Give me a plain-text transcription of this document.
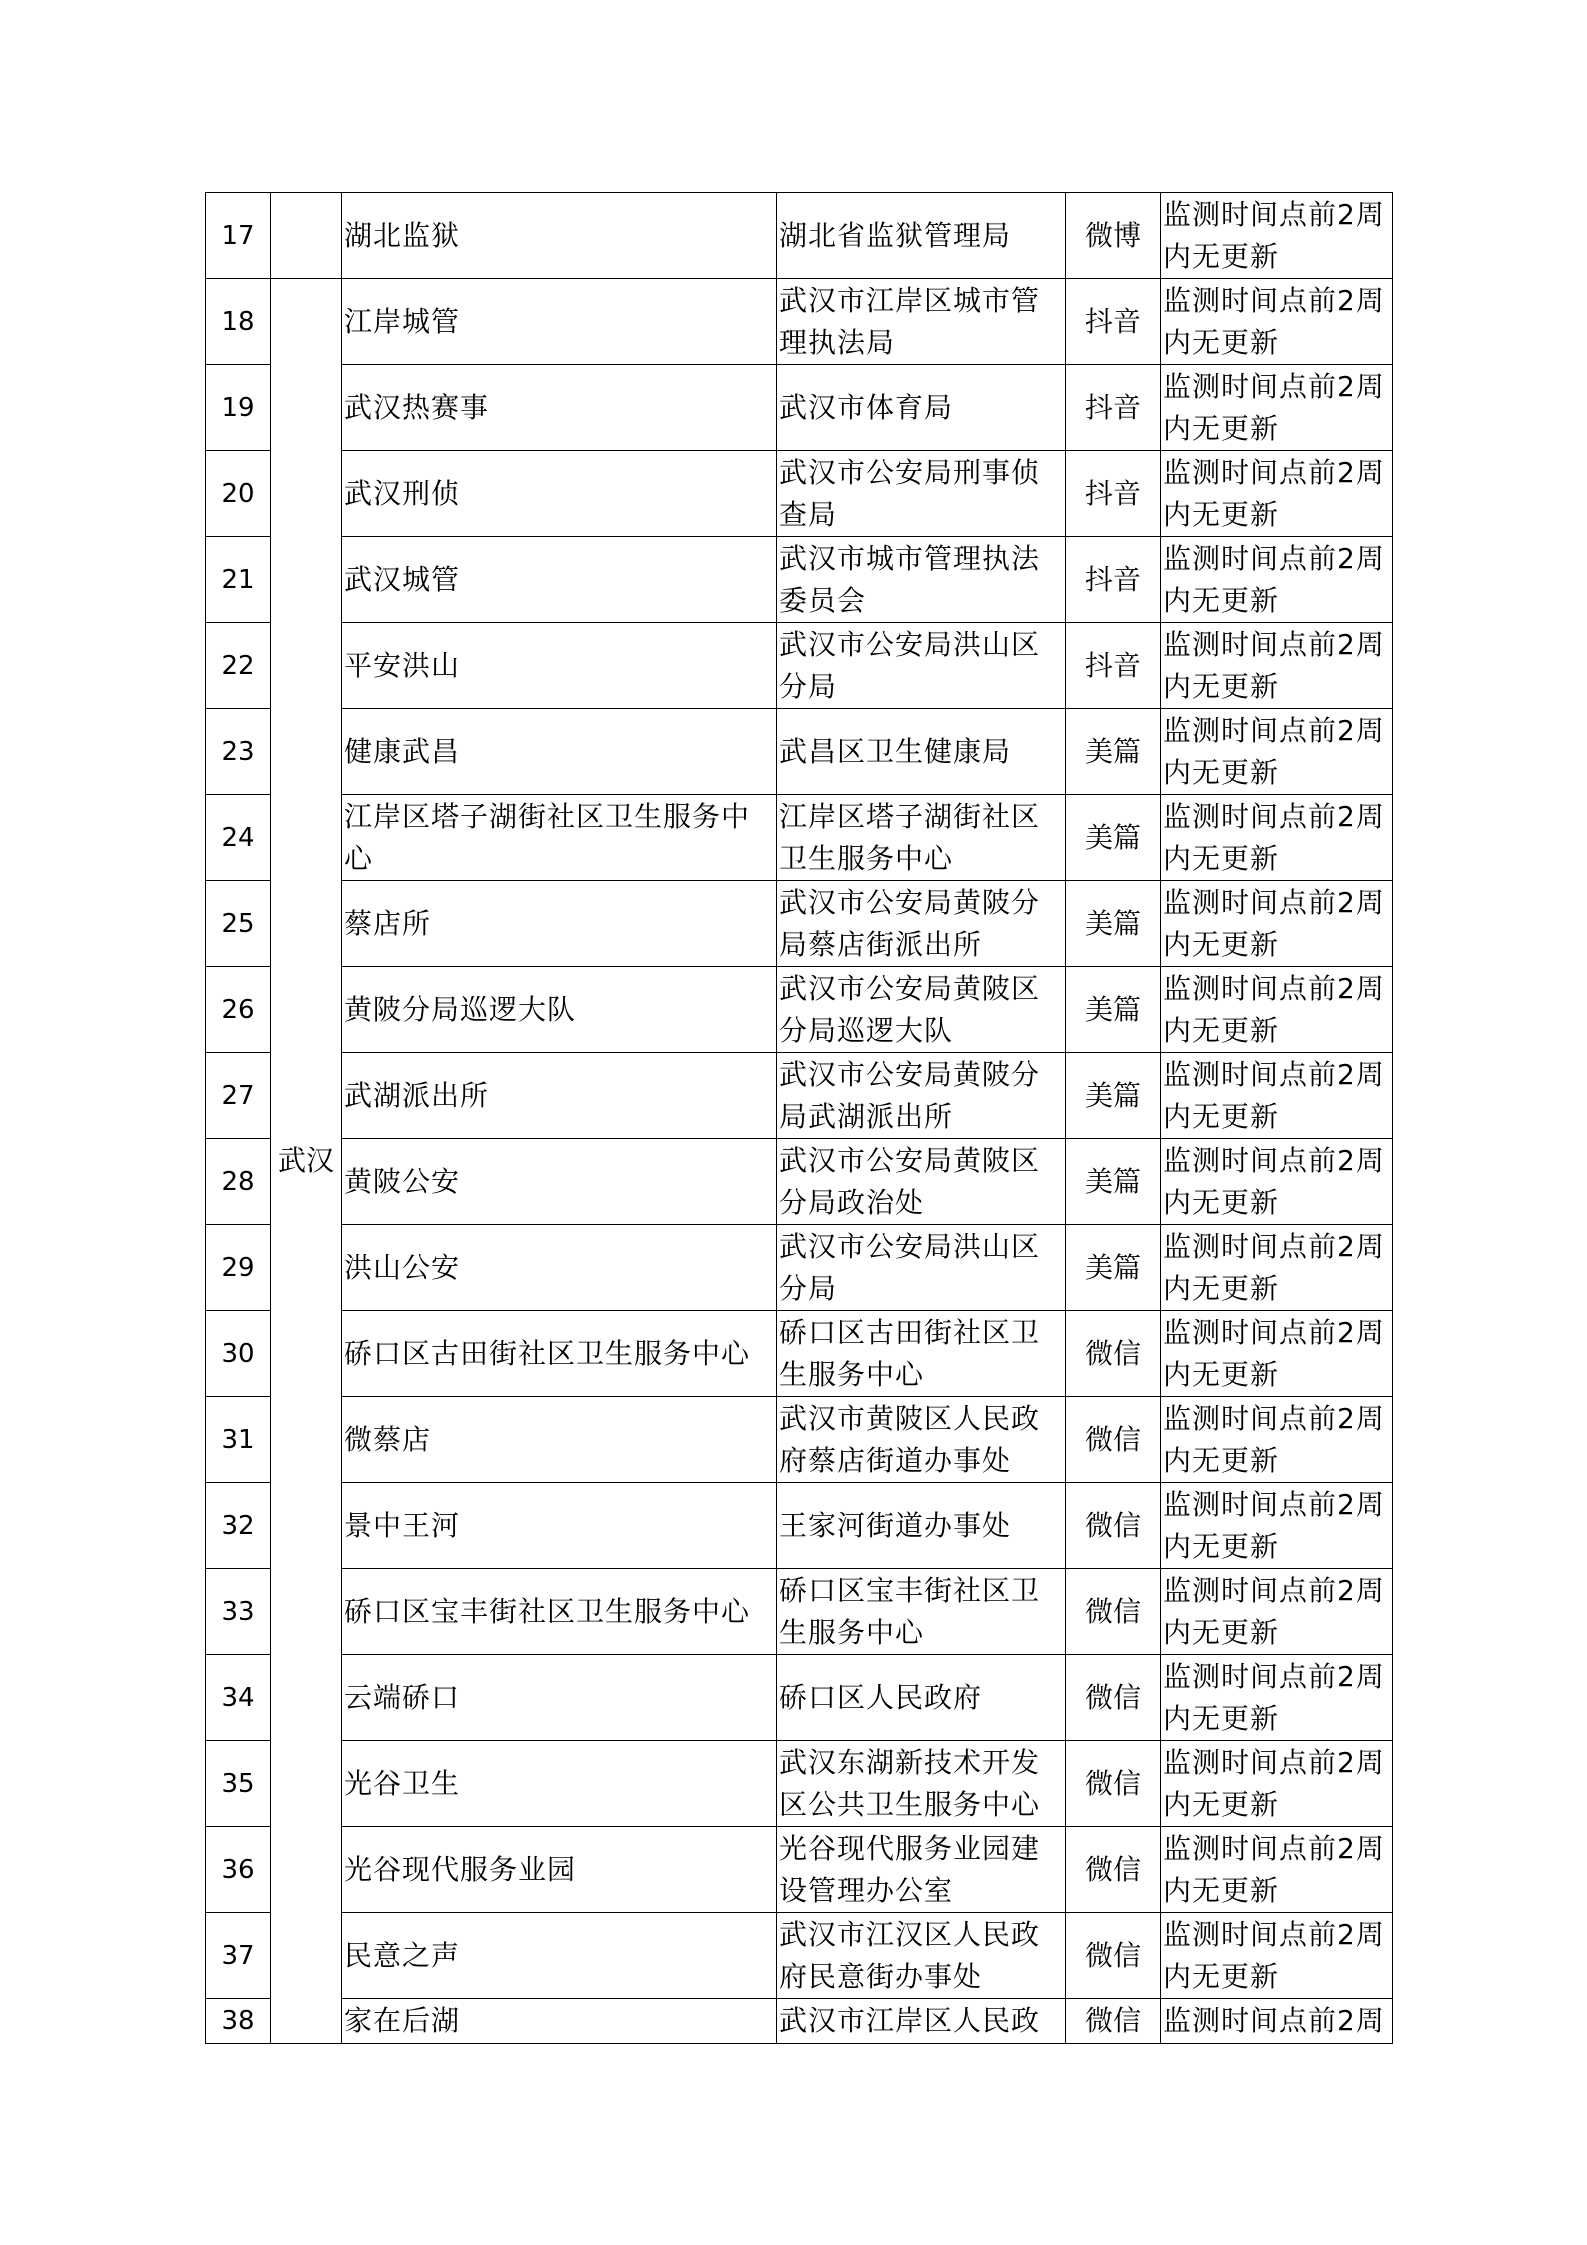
17		湖北监狱	湖北省监狱管理局	微博	监测时间点前2周内无更新
18	武汉	江岸城管	武汉市江岸区城市管理执法局	抖音	监测时间点前2周内无更新
19		武汉热赛事	武汉市体育局	抖音	监测时间点前2周内无更新
20		武汉刑侦	武汉市公安局刑事侦查局	抖音	监测时间点前2周内无更新
21		武汉城管	武汉市城市管理执法委员会	抖音	监测时间点前2周内无更新
22		平安洪山	武汉市公安局洪山区分局	抖音	监测时间点前2周内无更新
23		健康武昌	武昌区卫生健康局	美篇	监测时间点前2周内无更新
24		江岸区塔子湖街社区卫生服务中心	江岸区塔子湖街社区卫生服务中心	美篇	监测时间点前2周内无更新
25		蔡店所	武汉市公安局黄陂分局蔡店街派出所	美篇	监测时间点前2周内无更新
26		黄陂分局巡逻大队	武汉市公安局黄陂区分局巡逻大队	美篇	监测时间点前2周内无更新
27		武湖派出所	武汉市公安局黄陂分局武湖派出所	美篇	监测时间点前2周内无更新
28		黄陂公安	武汉市公安局黄陂区分局政治处	美篇	监测时间点前2周内无更新
29		洪山公安	武汉市公安局洪山区分局	美篇	监测时间点前2周内无更新
30		硚口区古田街社区卫生服务中心	硚口区古田街社区卫生服务中心	微信	监测时间点前2周内无更新
31		微蔡店	武汉市黄陂区人民政府蔡店街道办事处	微信	监测时间点前2周内无更新
32		景中王河	王家河街道办事处	微信	监测时间点前2周内无更新
33		硚口区宝丰街社区卫生服务中心	硚口区宝丰街社区卫生服务中心	微信	监测时间点前2周内无更新
34		云端硚口	硚口区人民政府	微信	监测时间点前2周内无更新
35		光谷卫生	武汉东湖新技术开发区公共卫生服务中心	微信	监测时间点前2周内无更新
36		光谷现代服务业园	光谷现代服务业园建设管理办公室	微信	监测时间点前2周内无更新
37		民意之声	武汉市江汉区人民政府民意街办事处	微信	监测时间点前2周内无更新
38		家在后湖	武汉市江岸区人民政	微信	监测时间点前2周
